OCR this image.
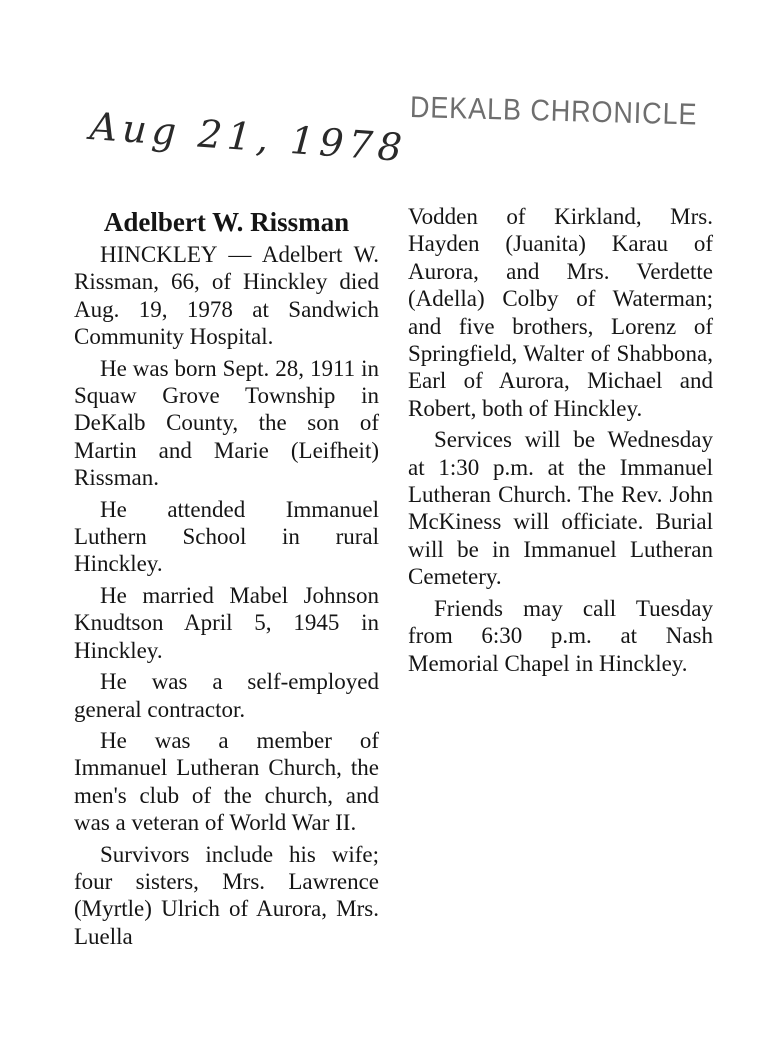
Aug 21, 1978 DEKALB CHRONICLE
Adelbert W. Rissman

HINCKLEY — Adelbert W. Rissman, 66, of Hinckley died Aug. 19, 1978 at Sandwich Community Hospital.

He was born Sept. 28, 1911 in Squaw Grove Township in DeKalb County, the son of Martin and Marie (Leifheit) Rissman.

He attended Immanuel Luthern School in rural Hinckley.

He married Mabel Johnson Knudtson April 5, 1945 in Hinckley.

He was a self-employed general contractor.

He was a member of Immanuel Lutheran Church, the men's club of the church, and was a veteran of World War II.

Survivors include his wife; four sisters, Mrs. Lawrence (Myrtle) Ulrich of Aurora, Mrs. Luella

Vodden of Kirkland, Mrs. Hayden (Juanita) Karau of Aurora, and Mrs. Verdette (Adella) Colby of Waterman; and five brothers, Lorenz of Springfield, Walter of Shabbona, Earl of Aurora, Michael and Robert, both of Hinckley.

Services will be Wednesday at 1:30 p.m. at the Immanuel Lutheran Church. The Rev. John McKiness will officiate. Burial will be in Immanuel Lutheran Cemetery.

Friends may call Tuesday from 6:30 p.m. at Nash Memorial Chapel in Hinckley.
